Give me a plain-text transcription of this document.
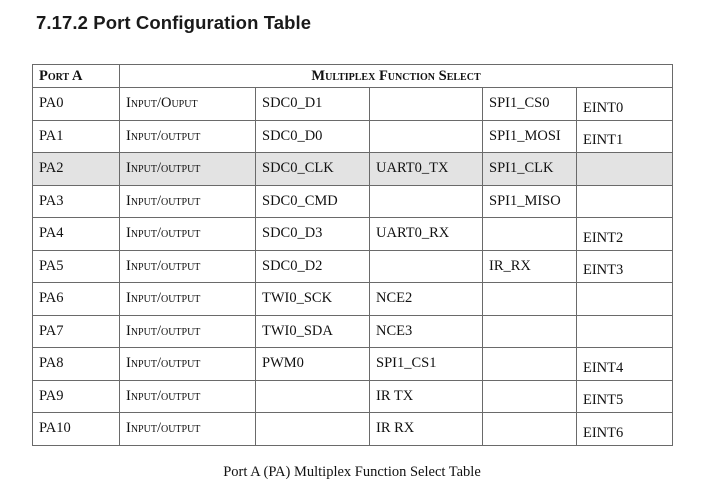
7.17.2 Port Configuration Table
Port A	Multiplex Function Select				
PA0	Input/Ouput	SDC0_D1		SPI1_CS0	EINT0
PA1	Input/output	SDC0_D0		SPI1_MOSI	EINT1
PA2	Input/output	SDC0_CLK	UART0_TX	SPI1_CLK	
PA3	Input/output	SDC0_CMD		SPI1_MISO	
PA4	Input/output	SDC0_D3	UART0_RX		EINT2
PA5	Input/output	SDC0_D2		IR_RX	EINT3
PA6	Input/output	TWI0_SCK	NCE2		
PA7	Input/output	TWI0_SDA	NCE3		
PA8	Input/output	PWM0	SPI1_CS1		EINT4
PA9	Input/output		IR TX		EINT5
PA10	Input/output		IR RX		EINT6
Port A (PA) Multiplex Function Select Table
